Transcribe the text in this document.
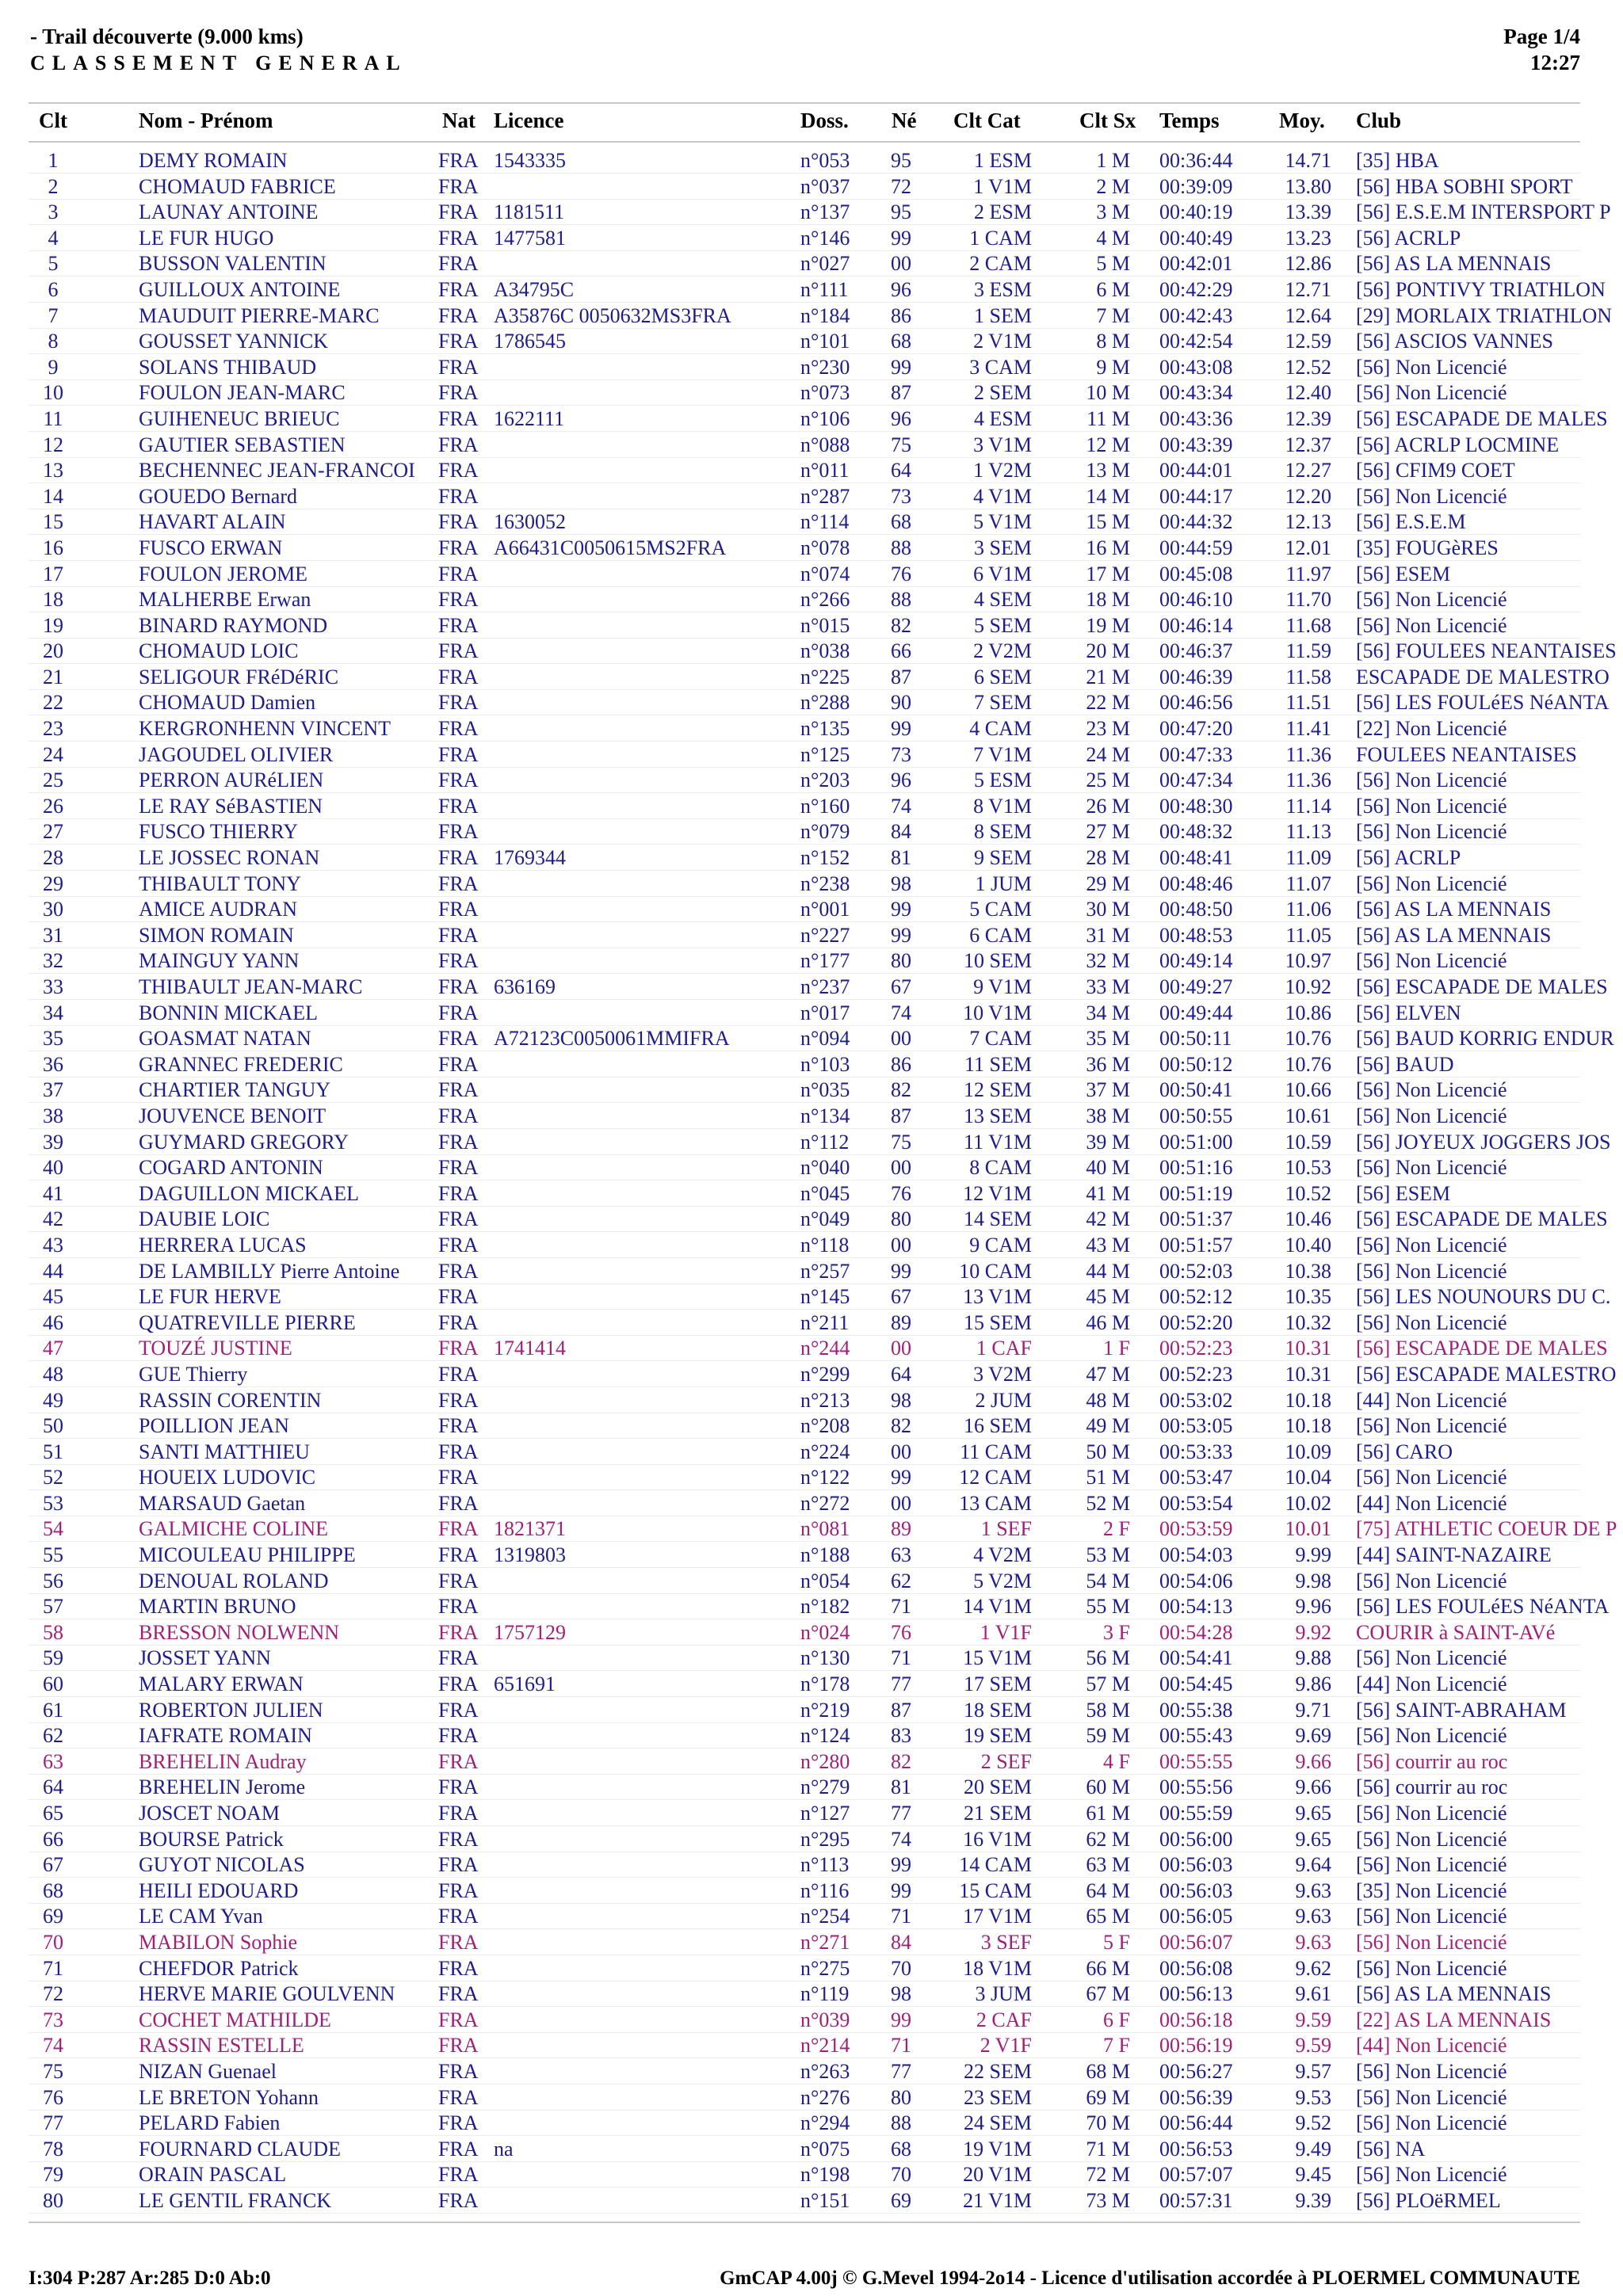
- Trail découverte (9.000 kms)
CLASSEMENT GENERAL
Page 1/4
12:27
Clt	Nom - Prénom	Nat Licence	Doss. Né Clt Cat	Clt Sx Temps	Moy. Club
1	DEMY ROMAIN	FRA 1543335	n°053 95	1 ESM	1 M 00:36:44	14.71 [35] HBA
2	CHOMAUD FABRICE	FRA	n°037 72	1 V1M	2 M 00:39:09	13.80 [56] HBA SOBHI SPORT
3	LAUNAY ANTOINE	FRA 1181511	n°137 95	2 ESM	3 M 00:40:19	13.39 [56] E.S.E.M INTERSPORT P
4	LE FUR HUGO	FRA 1477581	n°146 99	1 CAM	4 M 00:40:49	13.23 [56] ACRLP
5	BUSSON VALENTIN	FRA	n°027 00	2 CAM	5 M 00:42:01	12.86 [56] AS LA MENNAIS
6	GUILLOUX ANTOINE	FRA A34795C	n°111 96	3 ESM	6 M 00:42:29	12.71 [56] PONTIVY TRIATHLON
7	MAUDUIT PIERRE-MARC	FRA A35876C 0050632MS3FRA	n°184 86	1 SEM	7 M 00:42:43	12.64 [29] MORLAIX TRIATHLON
8	GOUSSET YANNICK	FRA 1786545	n°101 68	2 V1M	8 M 00:42:54	12.59 [56] ASCIOS VANNES
9	SOLANS THIBAUD	FRA	n°230 99	3 CAM	9 M 00:43:08	12.52 [56] Non Licencié
10	FOULON JEAN-MARC	FRA	n°073 87	2 SEM	10 M 00:43:34	12.40 [56] Non Licencié
11	GUIHENEUC BRIEUC	FRA 1622111	n°106 96	4 ESM	11 M 00:43:36	12.39 [56] ESCAPADE DE MALES
12	GAUTIER SEBASTIEN	FRA	n°088 75	3 V1M	12 M 00:43:39	12.37 [56] ACRLP LOCMINE
13	BECHENNEC JEAN-FRANCOI	FRA	n°011 64	1 V2M	13 M 00:44:01	12.27 [56] CFIM9 COET
14	GOUEDO Bernard	FRA	n°287 73	4 V1M	14 M 00:44:17	12.20 [56] Non Licencié
15	HAVART ALAIN	FRA 1630052	n°114 68	5 V1M	15 M 00:44:32	12.13 [56] E.S.E.M
16	FUSCO ERWAN	FRA A66431C0050615MS2FRA	n°078 88	3 SEM	16 M 00:44:59	12.01 [35] FOUGèRES
17	FOULON JEROME	FRA	n°074 76	6 V1M	17 M 00:45:08	11.97 [56] ESEM
18	MALHERBE Erwan	FRA	n°266 88	4 SEM	18 M 00:46:10	11.70 [56] Non Licencié
19	BINARD RAYMOND	FRA	n°015 82	5 SEM	19 M 00:46:14	11.68 [56] Non Licencié
20	CHOMAUD LOIC	FRA	n°038 66	2 V2M	20 M 00:46:37	11.59 [56] FOULEES NEANTAISES
21	SELIGOUR FRéDéRIC	FRA	n°225 87	6 SEM	21 M 00:46:39	11.58 ESCAPADE DE MALESTRO
22	CHOMAUD Damien	FRA	n°288 90	7 SEM	22 M 00:46:56	11.51 [56] LES FOULéES NéANTA
23	KERGRONHENN VINCENT	FRA	n°135 99	4 CAM	23 M 00:47:20	11.41 [22] Non Licencié
24	JAGOUDEL OLIVIER	FRA	n°125 73	7 V1M	24 M 00:47:33	11.36 FOULEES NEANTAISES
25	PERRON AURéLIEN	FRA	n°203 96	5 ESM	25 M 00:47:34	11.36 [56] Non Licencié
26	LE RAY SéBASTIEN	FRA	n°160 74	8 V1M	26 M 00:48:30	11.14 [56] Non Licencié
27	FUSCO THIERRY	FRA	n°079 84	8 SEM	27 M 00:48:32	11.13 [56] Non Licencié
28	LE JOSSEC RONAN	FRA 1769344	n°152 81	9 SEM	28 M 00:48:41	11.09 [56] ACRLP
29	THIBAULT TONY	FRA	n°238 98	1 JUM	29 M 00:48:46	11.07 [56] Non Licencié
30	AMICE AUDRAN	FRA	n°001 99	5 CAM	30 M 00:48:50	11.06 [56] AS LA MENNAIS
31	SIMON ROMAIN	FRA	n°227 99	6 CAM	31 M 00:48:53	11.05 [56] AS LA MENNAIS
32	MAINGUY YANN	FRA	n°177 80	10 SEM	32 M 00:49:14	10.97 [56] Non Licencié
33	THIBAULT JEAN-MARC	FRA 636169	n°237 67	9 V1M	33 M 00:49:27	10.92 [56] ESCAPADE DE MALES
34	BONNIN MICKAEL	FRA	n°017 74	10 V1M	34 M 00:49:44	10.86 [56] ELVEN
35	GOASMAT NATAN	FRA A72123C0050061MMIFRA	n°094 00	7 CAM	35 M 00:50:11	10.76 [56] BAUD KORRIG ENDUR
36	GRANNEC FREDERIC	FRA	n°103 86	11 SEM	36 M 00:50:12	10.76 [56] BAUD
37	CHARTIER TANGUY	FRA	n°035 82	12 SEM	37 M 00:50:41	10.66 [56] Non Licencié
38	JOUVENCE BENOIT	FRA	n°134 87	13 SEM	38 M 00:50:55	10.61 [56] Non Licencié
39	GUYMARD GREGORY	FRA	n°112 75	11 V1M	39 M 00:51:00	10.59 [56] JOYEUX JOGGERS JOS
40	COGARD ANTONIN	FRA	n°040 00	8 CAM	40 M 00:51:16	10.53 [56] Non Licencié
41	DAGUILLON MICKAEL	FRA	n°045 76	12 V1M	41 M 00:51:19	10.52 [56] ESEM
42	DAUBIE LOIC	FRA	n°049 80	14 SEM	42 M 00:51:37	10.46 [56] ESCAPADE DE MALES
43	HERRERA LUCAS	FRA	n°118 00	9 CAM	43 M 00:51:57	10.40 [56] Non Licencié
44	DE LAMBILLY Pierre Antoine	FRA	n°257 99	10 CAM	44 M 00:52:03	10.38 [56] Non Licencié
45	LE FUR HERVE	FRA	n°145 67	13 V1M	45 M 00:52:12	10.35 [56] LES NOUNOURS DU C.
46	QUATREVILLE PIERRE	FRA	n°211 89	15 SEM	46 M 00:52:20	10.32 [56] Non Licencié
47	TOUZÉ JUSTINE	FRA 1741414	n°244 00	1 CAF	1 F 00:52:23	10.31 [56] ESCAPADE DE MALES
48	GUE Thierry	FRA	n°299 64	3 V2M	47 M 00:52:23	10.31 [56] ESCAPADE MALESTRO
49	RASSIN CORENTIN	FRA	n°213 98	2 JUM	48 M 00:53:02	10.18 [44] Non Licencié
50	POILLION JEAN	FRA	n°208 82	16 SEM	49 M 00:53:05	10.18 [56] Non Licencié
51	SANTI MATTHIEU	FRA	n°224 00	11 CAM	50 M 00:53:33	10.09 [56] CARO
52	HOUEIX LUDOVIC	FRA	n°122 99	12 CAM	51 M 00:53:47	10.04 [56] Non Licencié
53	MARSAUD Gaetan	FRA	n°272 00	13 CAM	52 M 00:53:54	10.02 [44] Non Licencié
54	GALMICHE COLINE	FRA 1821371	n°081 89	1 SEF	2 F 00:53:59	10.01 [75] ATHLETIC COEUR DE P
55	MICOULEAU PHILIPPE	FRA 1319803	n°188 63	4 V2M	53 M 00:54:03	9.99 [44] SAINT-NAZAIRE
56	DENOUAL ROLAND	FRA	n°054 62	5 V2M	54 M 00:54:06	9.98 [56] Non Licencié
57	MARTIN BRUNO	FRA	n°182 71	14 V1M	55 M 00:54:13	9.96 [56] LES FOULéES NéANTA
58	BRESSON NOLWENN	FRA 1757129	n°024 76	1 V1F	3 F 00:54:28	9.92 COURIR à SAINT-AVé
59	JOSSET YANN	FRA	n°130 71	15 V1M	56 M 00:54:41	9.88 [56] Non Licencié
60	MALARY ERWAN	FRA 651691	n°178 77	17 SEM	57 M 00:54:45	9.86 [44] Non Licencié
61	ROBERTON JULIEN	FRA	n°219 87	18 SEM	58 M 00:55:38	9.71 [56] SAINT-ABRAHAM
62	IAFRATE ROMAIN	FRA	n°124 83	19 SEM	59 M 00:55:43	9.69 [56] Non Licencié
63	BREHELIN Audray	FRA	n°280 82	2 SEF	4 F 00:55:55	9.66 [56] courrir au roc
64	BREHELIN Jerome	FRA	n°279 81	20 SEM	60 M 00:55:56	9.66 [56] courrir au roc
65	JOSCET NOAM	FRA	n°127 77	21 SEM	61 M 00:55:59	9.65 [56] Non Licencié
66	BOURSE Patrick	FRA	n°295 74	16 V1M	62 M 00:56:00	9.65 [56] Non Licencié
67	GUYOT NICOLAS	FRA	n°113 99	14 CAM	63 M 00:56:03	9.64 [56] Non Licencié
68	HEILI EDOUARD	FRA	n°116 99	15 CAM	64 M 00:56:03	9.63 [35] Non Licencié
69	LE CAM Yvan	FRA	n°254 71	17 V1M	65 M 00:56:05	9.63 [56] Non Licencié
70	MABILON Sophie	FRA	n°271 84	3 SEF	5 F 00:56:07	9.63 [56] Non Licencié
71	CHEFDOR Patrick	FRA	n°275 70	18 V1M	66 M 00:56:08	9.62 [56] Non Licencié
72	HERVE MARIE GOULVENN	FRA	n°119 98	3 JUM	67 M 00:56:13	9.61 [56] AS LA MENNAIS
73	COCHET MATHILDE	FRA	n°039 99	2 CAF	6 F 00:56:18	9.59 [22] AS LA MENNAIS
74	RASSIN ESTELLE	FRA	n°214 71	2 V1F	7 F 00:56:19	9.59 [44] Non Licencié
75	NIZAN Guenael	FRA	n°263 77	22 SEM	68 M 00:56:27	9.57 [56] Non Licencié
76	LE BRETON Yohann	FRA	n°276 80	23 SEM	69 M 00:56:39	9.53 [56] Non Licencié
77	PELARD Fabien	FRA	n°294 88	24 SEM	70 M 00:56:44	9.52 [56] Non Licencié
78	FOURNARD CLAUDE	FRA na	n°075 68	19 V1M	71 M 00:56:53	9.49 [56] NA
79	ORAIN PASCAL	FRA	n°198 70	20 V1M	72 M 00:57:07	9.45 [56] Non Licencié
80	LE GENTIL FRANCK	FRA	n°151 69	21 V1M	73 M 00:57:31	9.39 [56] PLOëRMEL
I:304 P:287 Ar:285 D:0 Ab:0	GmCAP 4.00j © G.Mevel 1994-2o14 - Licence d'utilisation accordée à PLOERMEL COMMUNAUTE
